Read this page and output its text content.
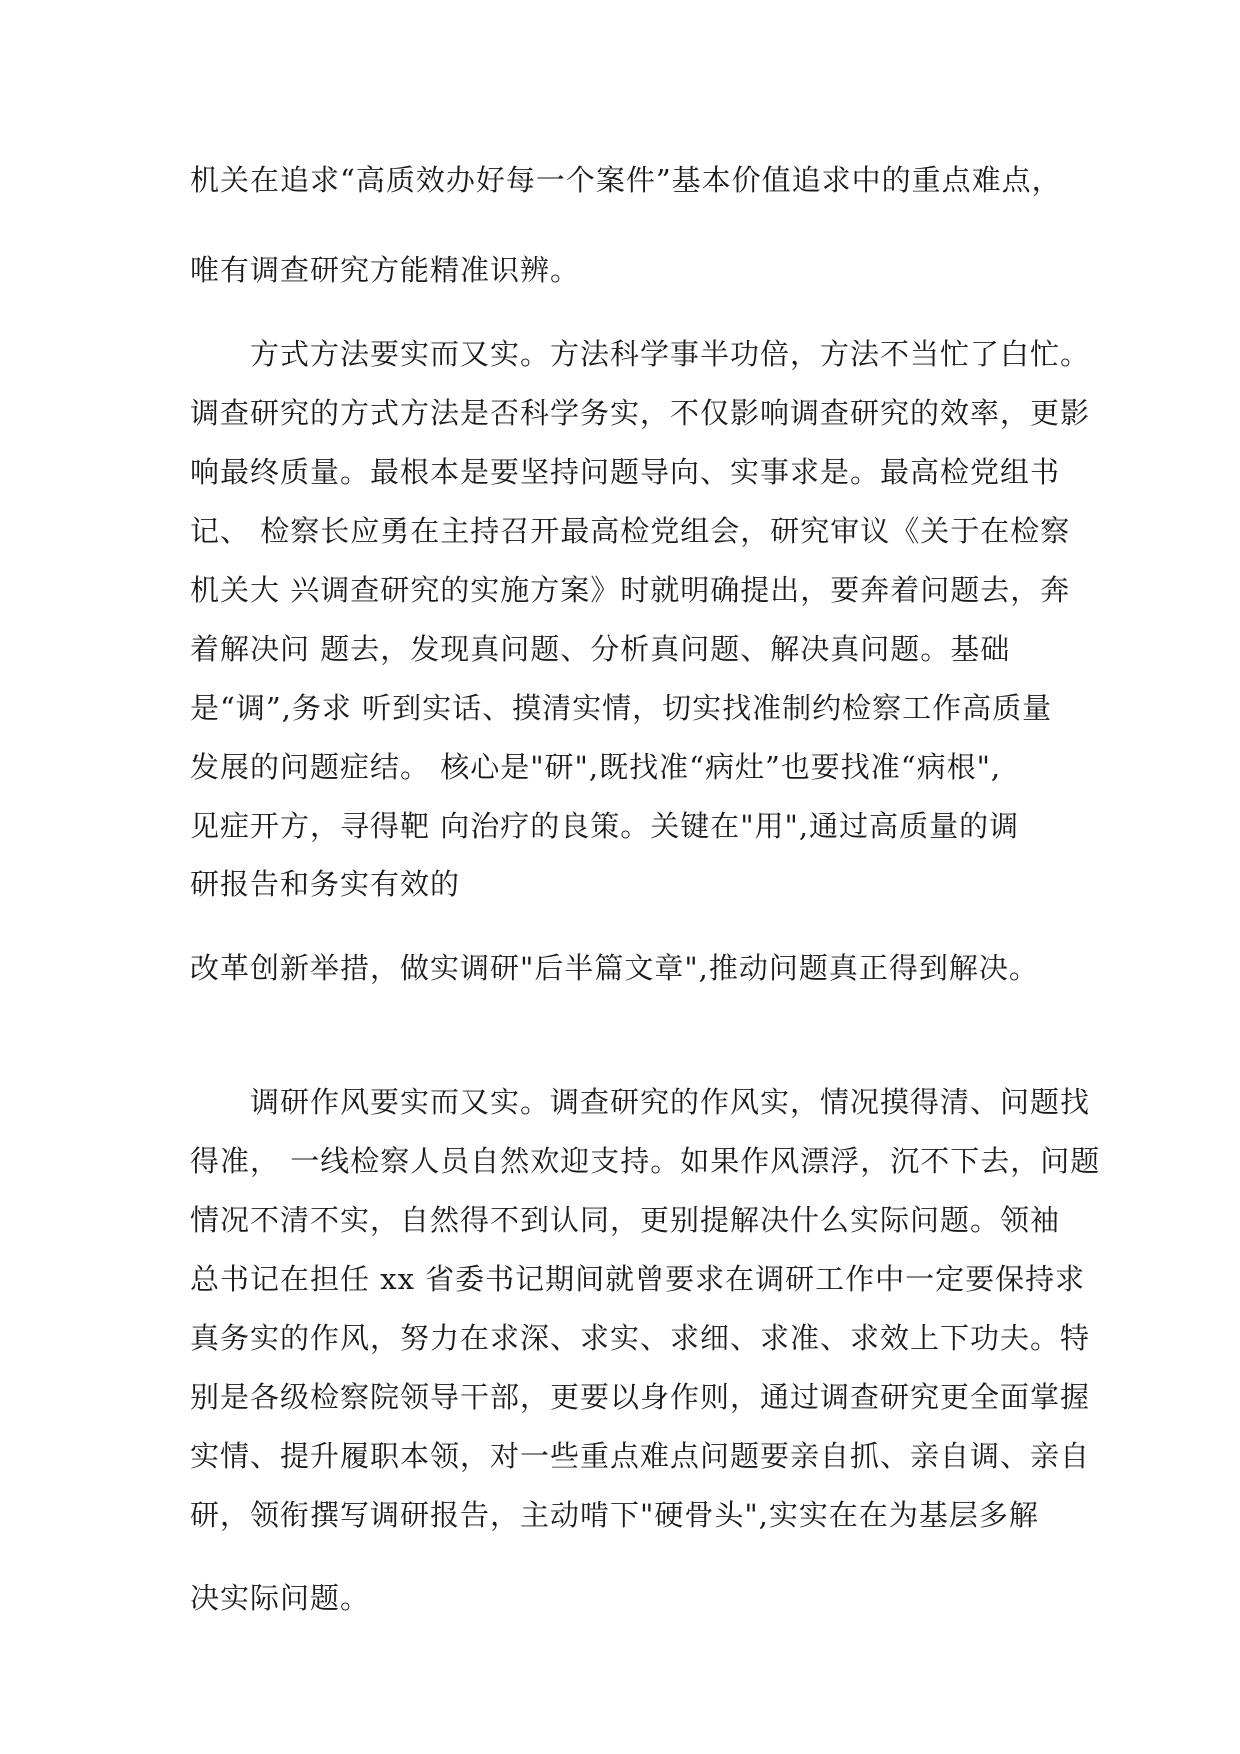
机关在追求“高质效办好每一个案件”基本价值追求中的重点难点，
唯有调查研究方能精准识辨。
方式方法要实而又实。方法科学事半功倍，方法不当忙了白忙。
调查研究的方式方法是否科学务实，不仅影响调查研究的效率，更影
响最终质量。最根本是要坚持问题导向、实事求是。最高检党组书
记、 检察长应勇在主持召开最高检党组会，研究审议《关于在检察
机关大 兴调查研究的实施方案》时就明确提出，要奔着问题去，奔
着解决问 题去，发现真问题、分析真问题、解决真问题。基础
是“调”,务求 听到实话、摸清实情，切实找准制约检察工作高质量
发展的问题症结。 核心是"研",既找准“病灶”也要找准“病根",
见症开方，寻得靶 向治疗的良策。关键在"用",通过高质量的调
研报告和务实有效的
改革创新举措，做实调研"后半篇文章",推动问题真正得到解决。
调研作风要实而又实。调查研究的作风实，情况摸得清、问题找
得准， 一线检察人员自然欢迎支持。如果作风漂浮，沉不下去，问题
情况不清不实，自然得不到认同，更别提解决什么实际问题。领袖
总书记在担任 xx 省委书记期间就曾要求在调研工作中一定要保持求
真务实的作风，努力在求深、求实、求细、求准、求效上下功夫。特
别是各级检察院领导干部，更要以身作则，通过调查研究更全面掌握
实情、提升履职本领，对一些重点难点问题要亲自抓、亲自调、亲自
研，领衔撰写调研报告，主动啃下"硬骨头",实实在在为基层多解
决实际问题。
